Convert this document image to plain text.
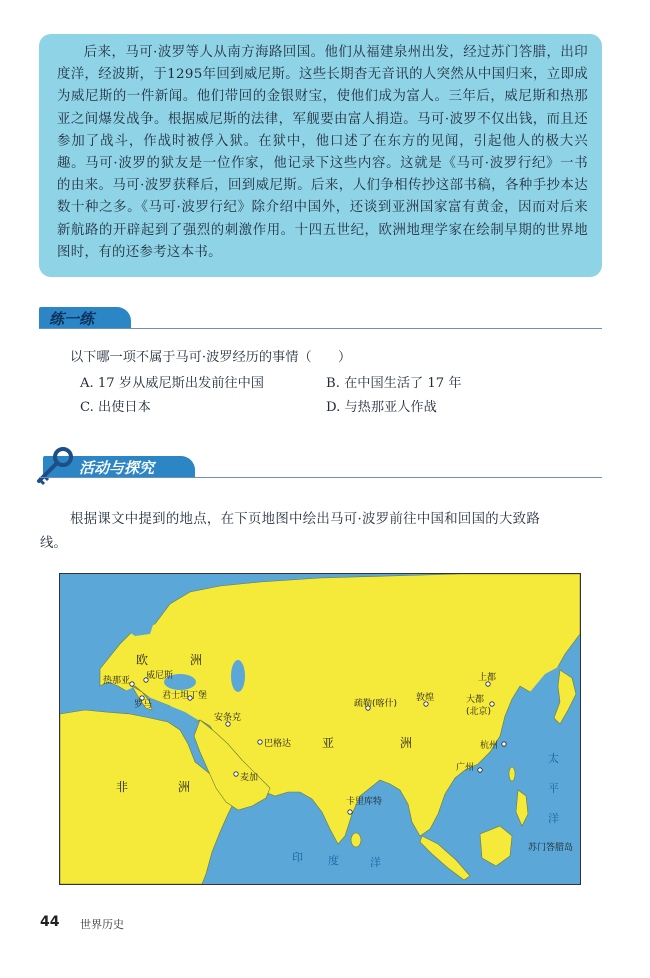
后来，马可·波罗等人从南方海路回国。他们从福建泉州出发，经过苏门答腊，出印度洋，经波斯，于1295年回到威尼斯。这些长期杳无音讯的人突然从中国归来，立即成为威尼斯的一件新闻。他们带回的金银财宝，使他们成为富人。三年后，威尼斯和热那亚之间爆发战争。根据威尼斯的法律，军舰要由富人捐造。马可·波罗不仅出钱，而且还参加了战斗，作战时被俘入狱。在狱中，他口述了在东方的见闻，引起他人的极大兴趣。马可·波罗的狱友是一位作家，他记录下这些内容。这就是《马可·波罗行纪》一书的由来。马可·波罗获释后，回到威尼斯。后来，人们争相传抄这部书稿，各种手抄本达数十种之多。《马可·波罗行纪》除介绍中国外，还谈到亚洲国家富有黄金，因而对后来新航路的开辟起到了强烈的刺激作用。十四五世纪，欧洲地理学家在绘制早期的世界地图时，有的还参考这本书。

练一练
以下哪一项不属于马可·波罗经历的事情（　　）
A. 17 岁从威尼斯出发前往中国	B. 在中国生活了 17 年
C. 出使日本	D. 与热那亚人作战
活动与探究
根据课文中提到的地点，在下页地图中绘出马可·波罗前往中国和回国的大致路
线。
欧	洲
亚	洲
非	洲
印 度	洋
太
平
洋
热那亚 威尼斯
罗马
君士坦丁堡
安条克
巴格达
麦加
疏勒(喀什)
敦煌
上都
大都
(北京)
杭州
广州
卡里库特
苏门答腊岛
44 世界历史
